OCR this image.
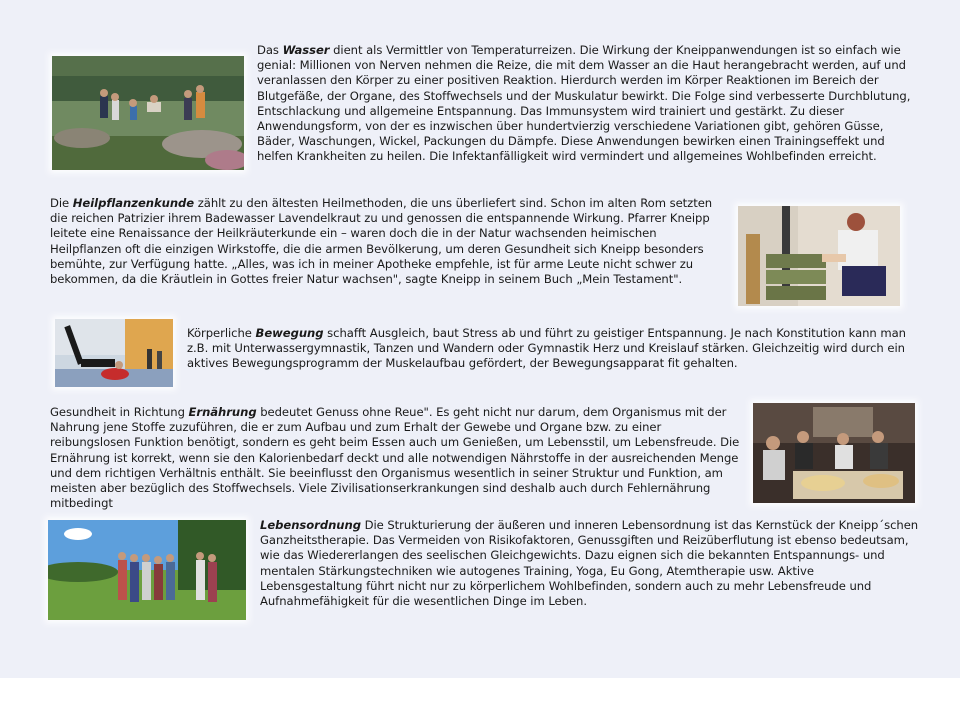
Das Wasser dient als Vermittler von Temperaturreizen. Die Wirkung der Kneippanwendungen ist so einfach wie genial: Millionen von Nerven nehmen die Reize, die mit dem Wasser an die Haut herangebracht werden, auf und veranlassen den Körper zu einer positiven Reaktion. Hierdurch werden im Körper Reaktionen im Bereich der Blutgefäße, der Organe, des Stoffwechsels und der Muskulatur bewirkt. Die Folge sind verbesserte Durchblutung, Entschlackung und allgemeine Entspannung. Das Immunsystem wird trainiert und gestärkt. Zu dieser Anwendungsform, von der es inzwischen über hundertvierzig verschiedene Variationen gibt, gehören Güsse, Bäder, Waschungen, Wickel, Packungen du Dämpfe. Diese Anwendungen bewirken einen Trainingseffekt und helfen Krankheiten zu heilen. Die Infektanfälligkeit wird vermindert und allgemeines Wohlbefinden erreicht.

Die Heilpflanzenkunde zählt zu den ältesten Heilmethoden, die uns überliefert sind. Schon im alten Rom setzten die reichen Patrizier ihrem Badewasser Lavendelkraut zu und genossen die entspannende Wirkung. Pfarrer Kneipp leitete eine Renaissance der Heilkräuterkunde ein – waren doch die in der Natur wachsenden heimischen Heilpflanzen oft die einzigen Wirkstoffe, die die armen Bevölkerung, um deren Gesundheit sich Kneipp besonders bemühte, zur Verfügung hatte. „Alles, was ich in meiner Apotheke empfehle, ist für arme Leute nicht schwer zu bekommen, da die Kräutlein in Gottes freier Natur wachsen", sagte Kneipp in seinem Buch „Mein Testament".

Körperliche Bewegung schafft Ausgleich, baut Stress ab und führt zu geistiger Entspannung. Je nach Konstitution kann man z.B. mit Unterwassergymnastik, Tanzen und Wandern oder Gymnastik Herz und Kreislauf stärken. Gleichzeitig wird durch ein aktives Bewegungsprogramm der Muskelaufbau gefördert, der Bewegungsapparat fit gehalten.

Gesundheit in Richtung Ernährung bedeutet Genuss ohne Reue". Es geht nicht nur darum, dem Organismus mit der Nahrung jene Stoffe zuzuführen, die er zum Aufbau und zum Erhalt der Gewebe und Organe bzw. zu einer reibungslosen Funktion benötigt, sondern es geht beim Essen auch um Genießen, um Lebensstil, um Lebensfreude. Die Ernährung ist korrekt, wenn sie den Kalorienbedarf deckt und alle notwendigen Nährstoffe in der ausreichenden Menge und dem richtigen Verhältnis enthält. Sie beeinflusst den Organismus wesentlich in seiner Struktur und Funktion, am meisten aber bezüglich des Stoffwechsels. Viele Zivilisationserkrankungen sind deshalb auch durch Fehlernährung mitbedingt

Lebensordnung Die Strukturierung der äußeren und inneren Lebensordnung ist das Kernstück der Kneipp´schen Ganzheitstherapie. Das Vermeiden von Risikofaktoren, Genussgiften und Reizüberflutung ist ebenso bedeutsam, wie das Wiedererlangen des seelischen Gleichgewichts. Dazu eignen sich die bekannten Entspannungs- und mentalen Stärkungstechniken wie autogenes Training, Yoga, Eu Gong, Atemtherapie usw. Aktive Lebensgestaltung führt nicht nur zu körperlichem Wohlbefinden, sondern auch zu mehr Lebensfreude und Aufnahmefähigkeit für die wesentlichen Dinge im Leben.
